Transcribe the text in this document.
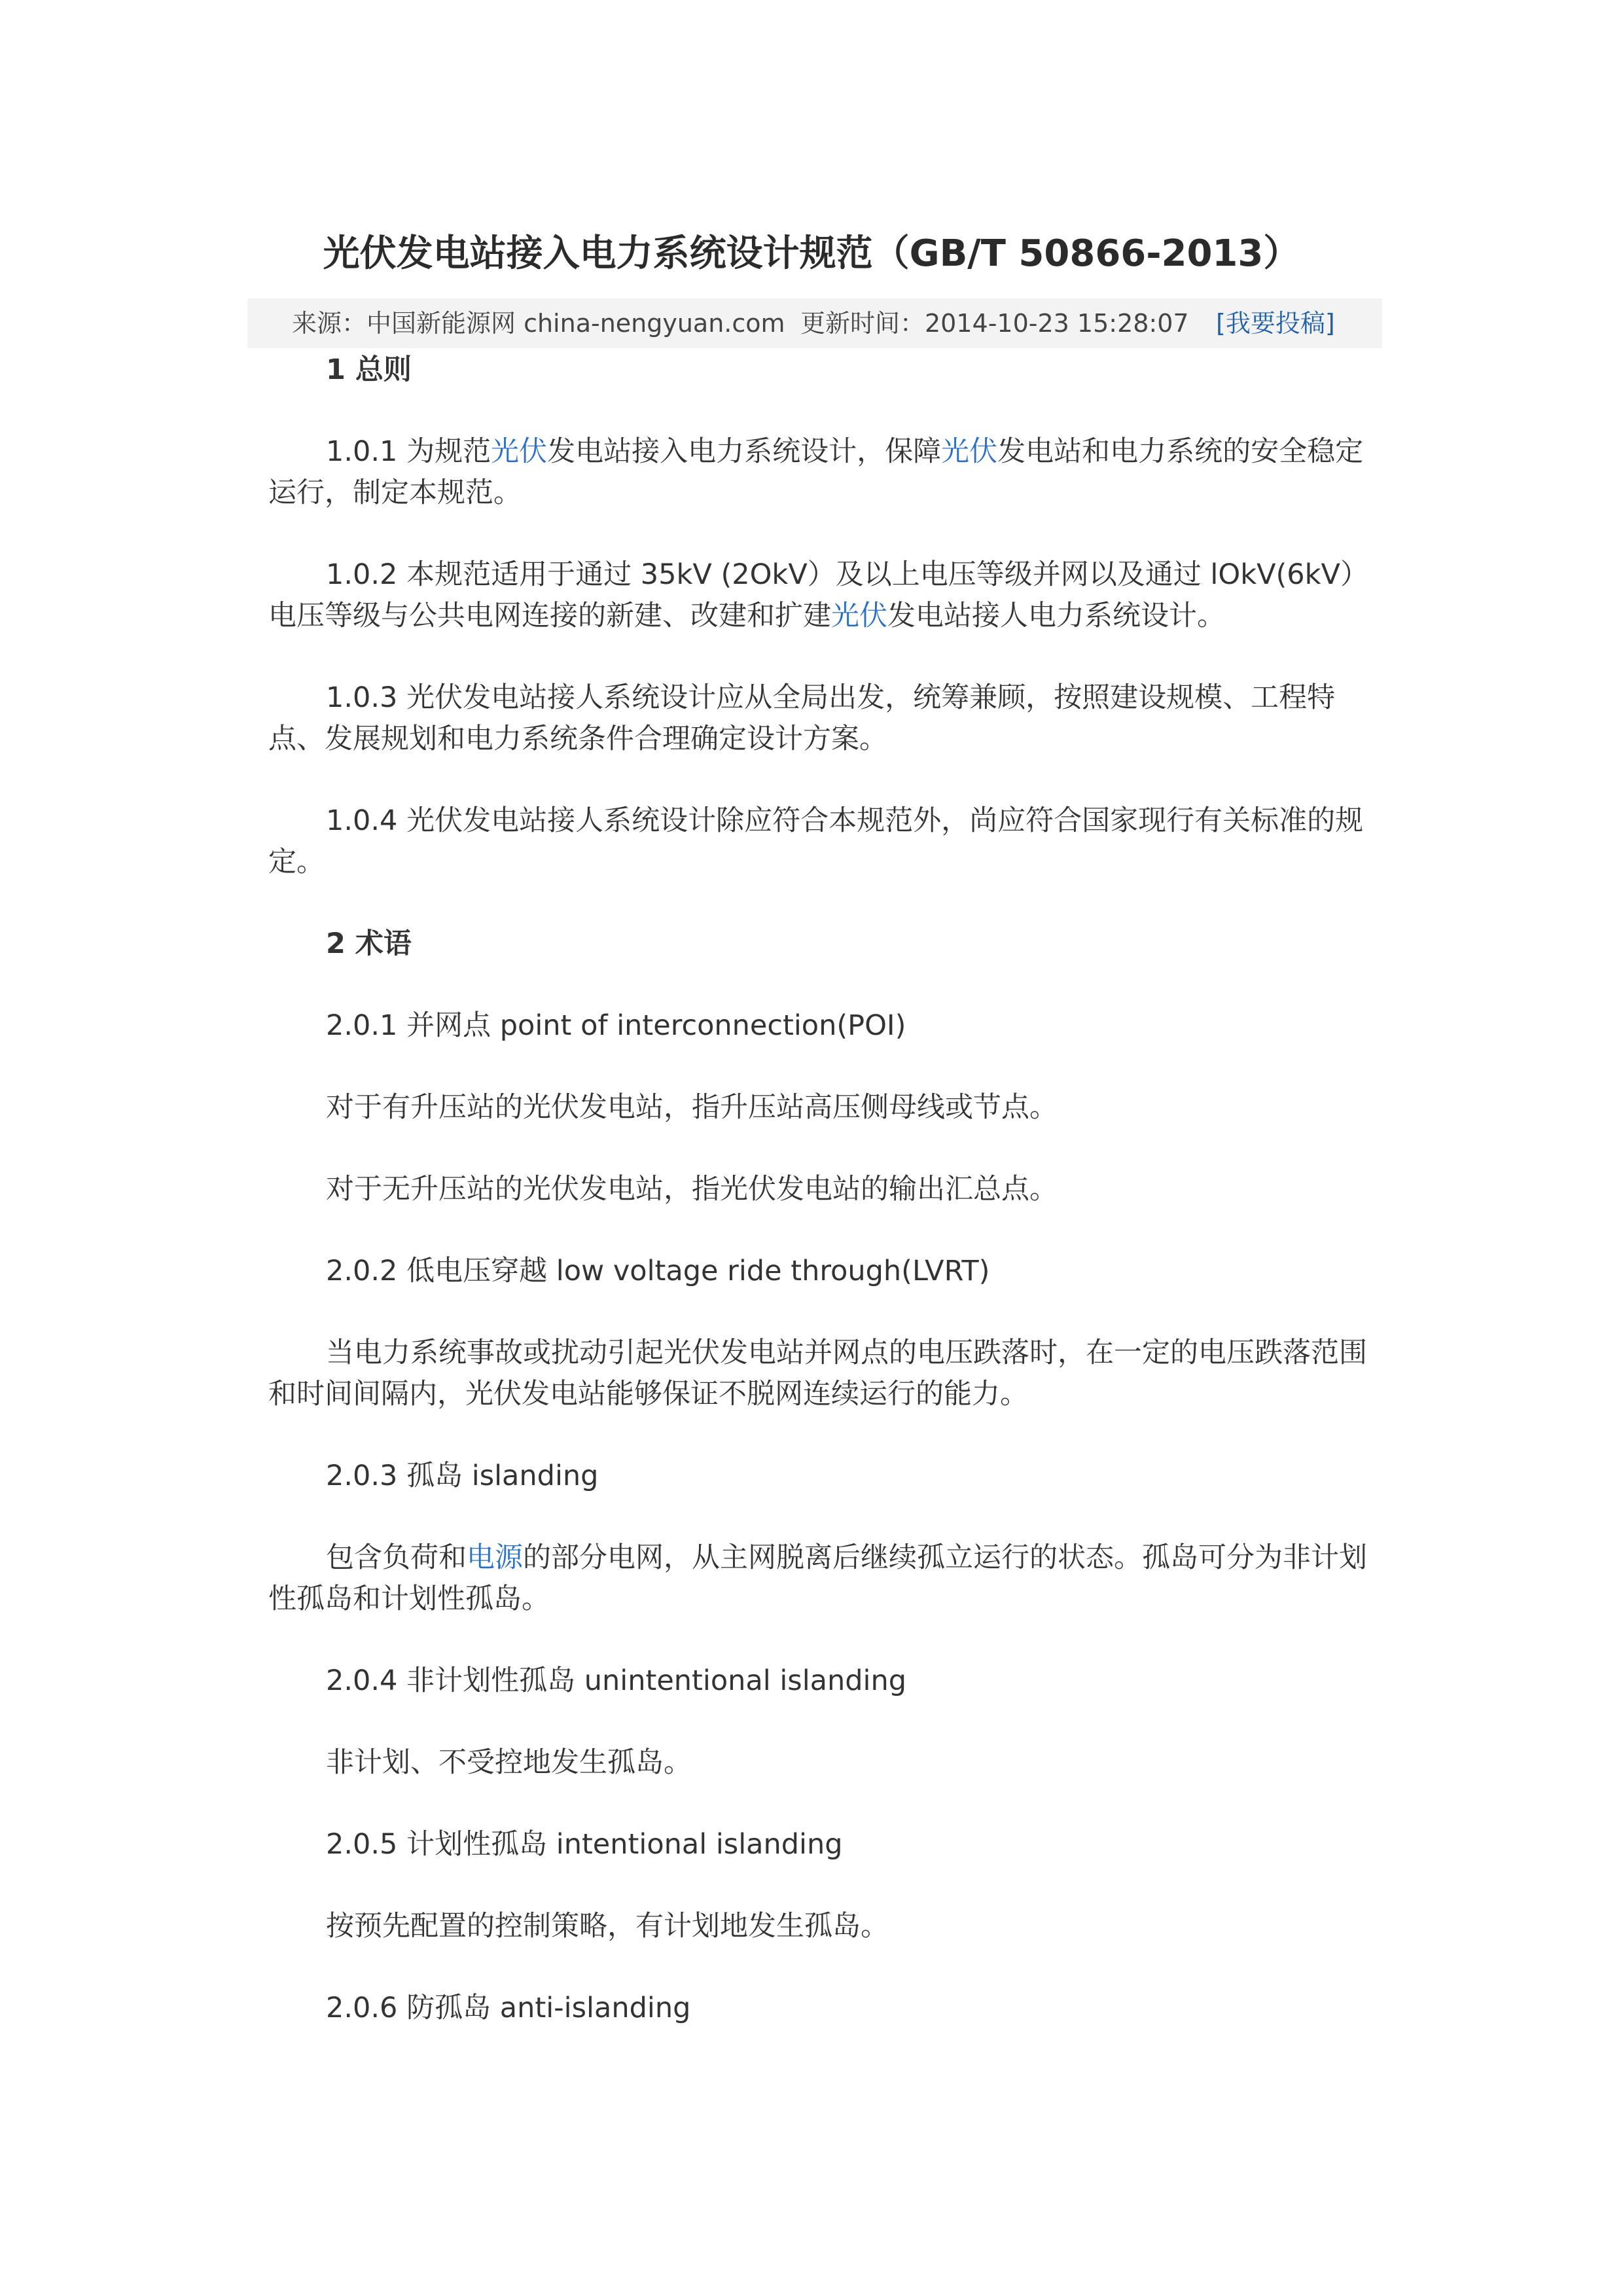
光伏发电站接入电力系统设计规范（GB/T 50866-2013）
来源： 中国新能源网 china-nengyuan.com 更新时间： 2014-10-23 15:28:07 [我要投稿]
1 总则

1.0.1 为规范光伏发电站接入电力系统设计，保障光伏发电站和电力系统的安全稳定运行，制定本规范。

1.0.2 本规范适用于通过 35kV (2OkV）及以上电压等级并网以及通过 lOkV(6kV）电压等级与公共电网连接的新建、改建和扩建光伏发电站接人电力系统设计。

1.0.3 光伏发电站接人系统设计应从全局出发，统筹兼顾，按照建设规模、工程特点、发展规划和电力系统条件合理确定设计方案。

1.0.4 光伏发电站接人系统设计除应符合本规范外，尚应符合国家现行有关标准的规定。

2 术语

2.0.1 并网点 point of interconnection(POI)

对于有升压站的光伏发电站，指升压站高压侧母线或节点。

对于无升压站的光伏发电站，指光伏发电站的输出汇总点。

2.0.2 低电压穿越 low voltage ride through(LVRT)

当电力系统事故或扰动引起光伏发电站并网点的电压跌落时，在一定的电压跌落范围和时间间隔内，光伏发电站能够保证不脱网连续运行的能力。

2.0.3 孤岛 islanding

包含负荷和电源的部分电网，从主网脱离后继续孤立运行的状态。孤岛可分为非计划性孤岛和计划性孤岛。

2.0.4 非计划性孤岛 unintentional islanding

非计划、不受控地发生孤岛。

2.0.5 计划性孤岛 intentional islanding

按预先配置的控制策略，有计划地发生孤岛。

2.0.6 防孤岛 anti-islanding
